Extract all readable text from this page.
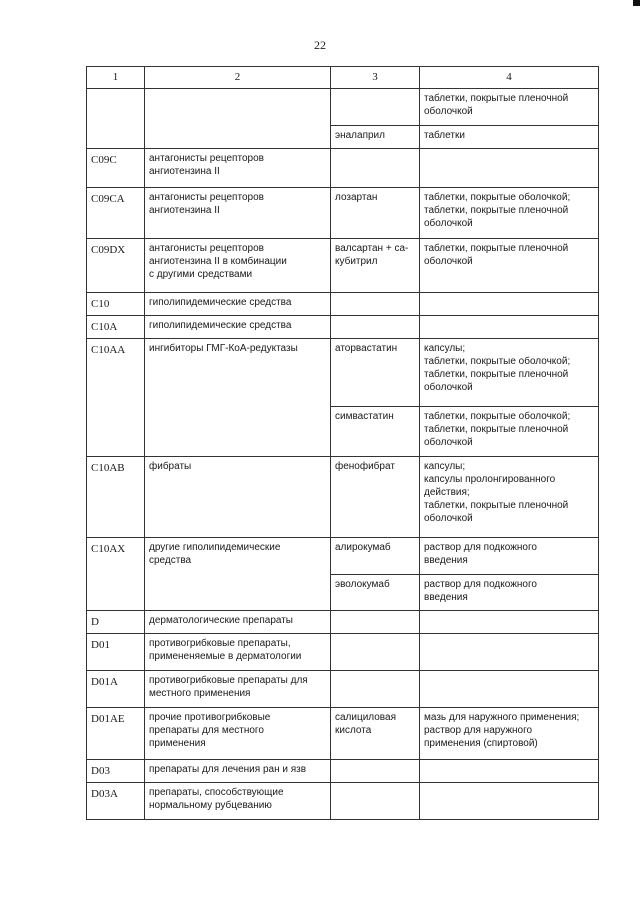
22
1	2	3	4
			таблетки, покрытые пленочной
оболочкой
		эналаприл	таблетки
C09C	антагонисты рецепторов
ангиотензина II		
C09CA	антагонисты рецепторов
ангиотензина II	лозартан	таблетки, покрытые оболочкой;
таблетки, покрытые пленочной
оболочкой
C09DX	антагонисты рецепторов
ангиотензина II в комбинации
с другими средствами	валсартан + са-
кубитрил	таблетки, покрытые пленочной
оболочкой
C10	гиполипидемические средства		
C10A	гиполипидемические средства		
C10AA	ингибиторы ГМГ-КоА-редуктазы	аторвастатин	капсулы;
таблетки, покрытые оболочкой;
таблетки, покрытые пленочной
оболочкой
		симвастатин	таблетки, покрытые оболочкой;
таблетки, покрытые пленочной
оболочкой
C10AB	фибраты	фенофибрат	капсулы;
капсулы пролонгированного
действия;
таблетки, покрытые пленочной
оболочкой
C10AX	другие гиполипидемические
средства	алирокумаб	раствор для подкожного
введения
		эволокумаб	раствор для подкожного
введения
D	дерматологические препараты		
D01	противогрибковые препараты,
примененяемые в дерматологии		
D01A	противогрибковые препараты для
местного применения		
D01AE	прочие противогрибковые
препараты для местного
применения	салициловая
кислота	мазь для наружного применения;
раствор для наружного
применения (спиртовой)
D03	препараты для лечения ран и язв		
D03A	препараты, способствующие
нормальному рубцеванию		
